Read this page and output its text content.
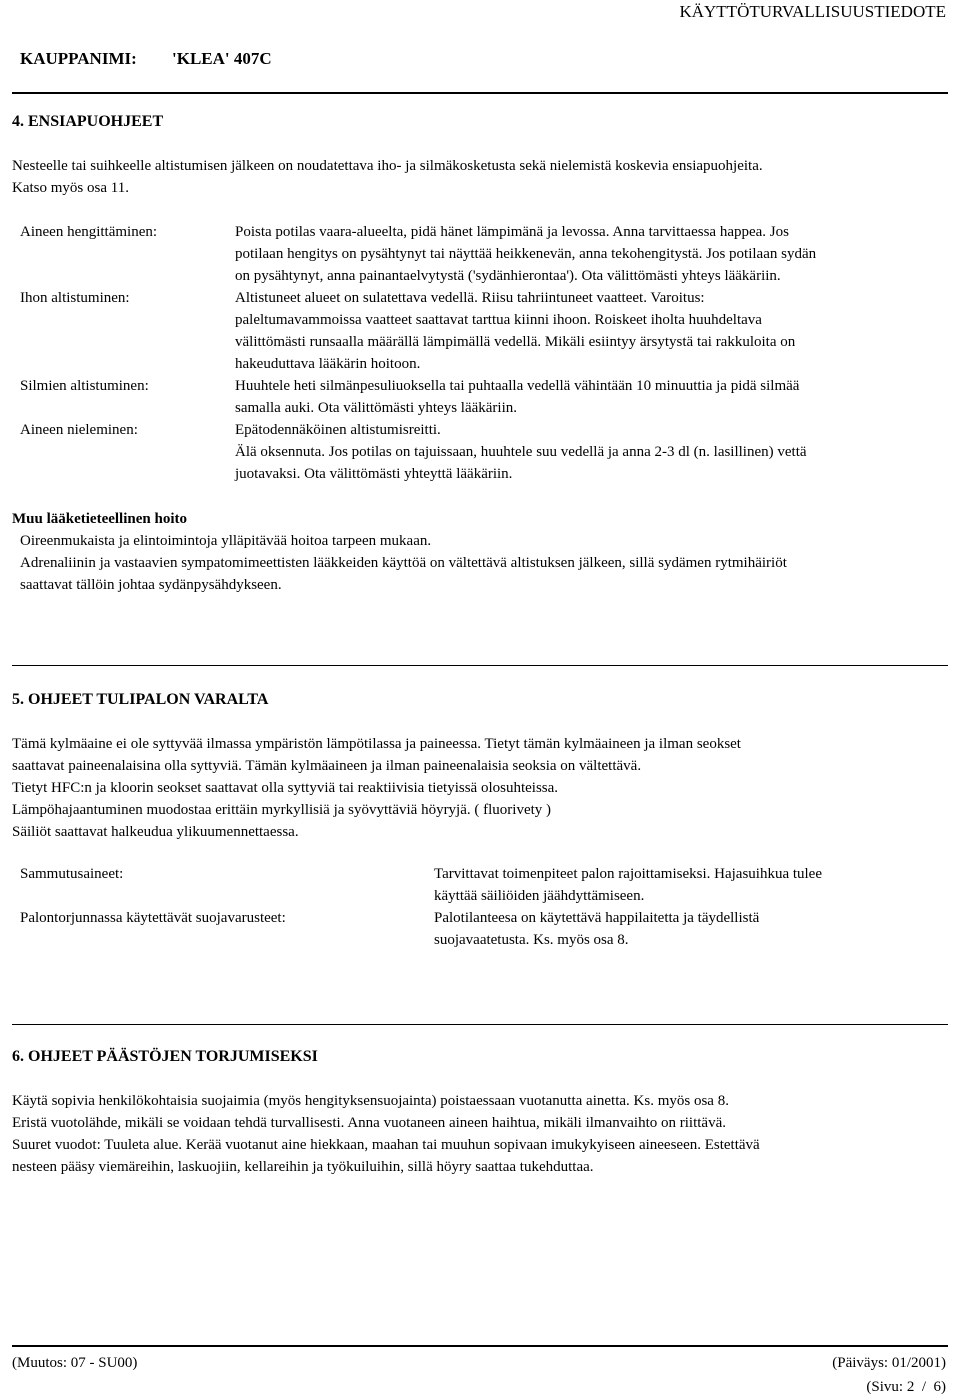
KÄYTTÖTURVALLISUUSTIEDOTE
KAUPPANIMI: 'KLEA' 407C
4. ENSIAPUOHJEET
Nesteelle tai suihkeelle altistumisen jälkeen on noudatettava iho- ja silmäkosketusta sekä nielemistä koskevia ensiapuohjeita.
Katso myös osa 11.
Aineen hengittäminen:	Poista potilas vaara-alueelta, pidä hänet lämpimänä ja levossa. Anna tarvittaessa happea. Jos
potilaan hengitys on pysähtynyt tai näyttää heikkenevän, anna tekohengitystä. Jos potilaan sydän
on pysähtynyt, anna painantaelvytystä ('sydänhierontaa'). Ota välittömästi yhteys lääkäriin.
Ihon altistuminen:	Altistuneet alueet on sulatettava vedellä. Riisu tahriintuneet vaatteet. Varoitus:
paleltumavammoissa vaatteet saattavat tarttua kiinni ihoon. Roiskeet iholta huuhdeltava
välittömästi runsaalla määrällä lämpimällä vedellä. Mikäli esiintyy ärsytystä tai rakkuloita on
hakeuduttava lääkärin hoitoon.
Silmien altistuminen:	Huuhtele heti silmänpesuliuoksella tai puhtaalla vedellä vähintään 10 minuuttia ja pidä silmää
samalla auki. Ota välittömästi yhteys lääkäriin.
Aineen nieleminen:	Epätodennäköinen altistumisreitti.
Älä oksennuta. Jos potilas on tajuissaan, huuhtele suu vedellä ja anna 2-3 dl (n. lasillinen) vettä
juotavaksi. Ota välittömästi yhteyttä lääkäriin.
Muu lääketieteellinen hoito
Oireenmukaista ja elintoimintoja ylläpitävää hoitoa tarpeen mukaan.
Adrenaliinin ja vastaavien sympatomimeettisten lääkkeiden käyttöä on vältettävä altistuksen jälkeen, sillä sydämen rytmihäiriöt
saattavat tällöin johtaa sydänpysähdykseen.
5. OHJEET TULIPALON VARALTA
Tämä kylmäaine ei ole syttyvää ilmassa ympäristön lämpötilassa ja paineessa. Tietyt tämän kylmäaineen ja ilman seokset
saattavat paineenalaisina olla syttyviä. Tämän kylmäaineen ja ilman paineenalaisia seoksia on vältettävä.
Tietyt HFC:n ja kloorin seokset saattavat olla syttyviä tai reaktiivisia tietyissä olosuhteissa.
Lämpöhajaantuminen muodostaa erittäin myrkyllisiä ja syövyttäviä höyryjä. ( fluorivety )
Säiliöt saattavat halkeudua ylikuumennettaessa.
Sammutusaineet:	Tarvittavat toimenpiteet palon rajoittamiseksi. Hajasuihkua tulee
käyttää säiliöiden jäähdyttämiseen.
Palontorjunnassa käytettävät suojavarusteet:	Palotilanteesa on käytettävä happilaitetta ja täydellistä
suojavaatetusta. Ks. myös osa 8.
6. OHJEET PÄÄSTÖJEN TORJUMISEKSI
Käytä sopivia henkilökohtaisia suojaimia (myös hengityksensuojainta) poistaessaan vuotanutta ainetta. Ks. myös osa 8.
Eristä vuotolähde, mikäli se voidaan tehdä turvallisesti. Anna vuotaneen aineen haihtua, mikäli ilmanvaihto on riittävä.
Suuret vuodot: Tuuleta alue. Kerää vuotanut aine hiekkaan, maahan tai muuhun sopivaan imukykyiseen aineeseen. Estettävä
nesteen pääsy viemäreihin, laskuojiin, kellareihin ja työkuiluihin, sillä höyry saattaa tukehduttaa.
(Muutos: 07 - SU00)	(Päiväys: 01/2001)
(Sivu: 2  /  6)
